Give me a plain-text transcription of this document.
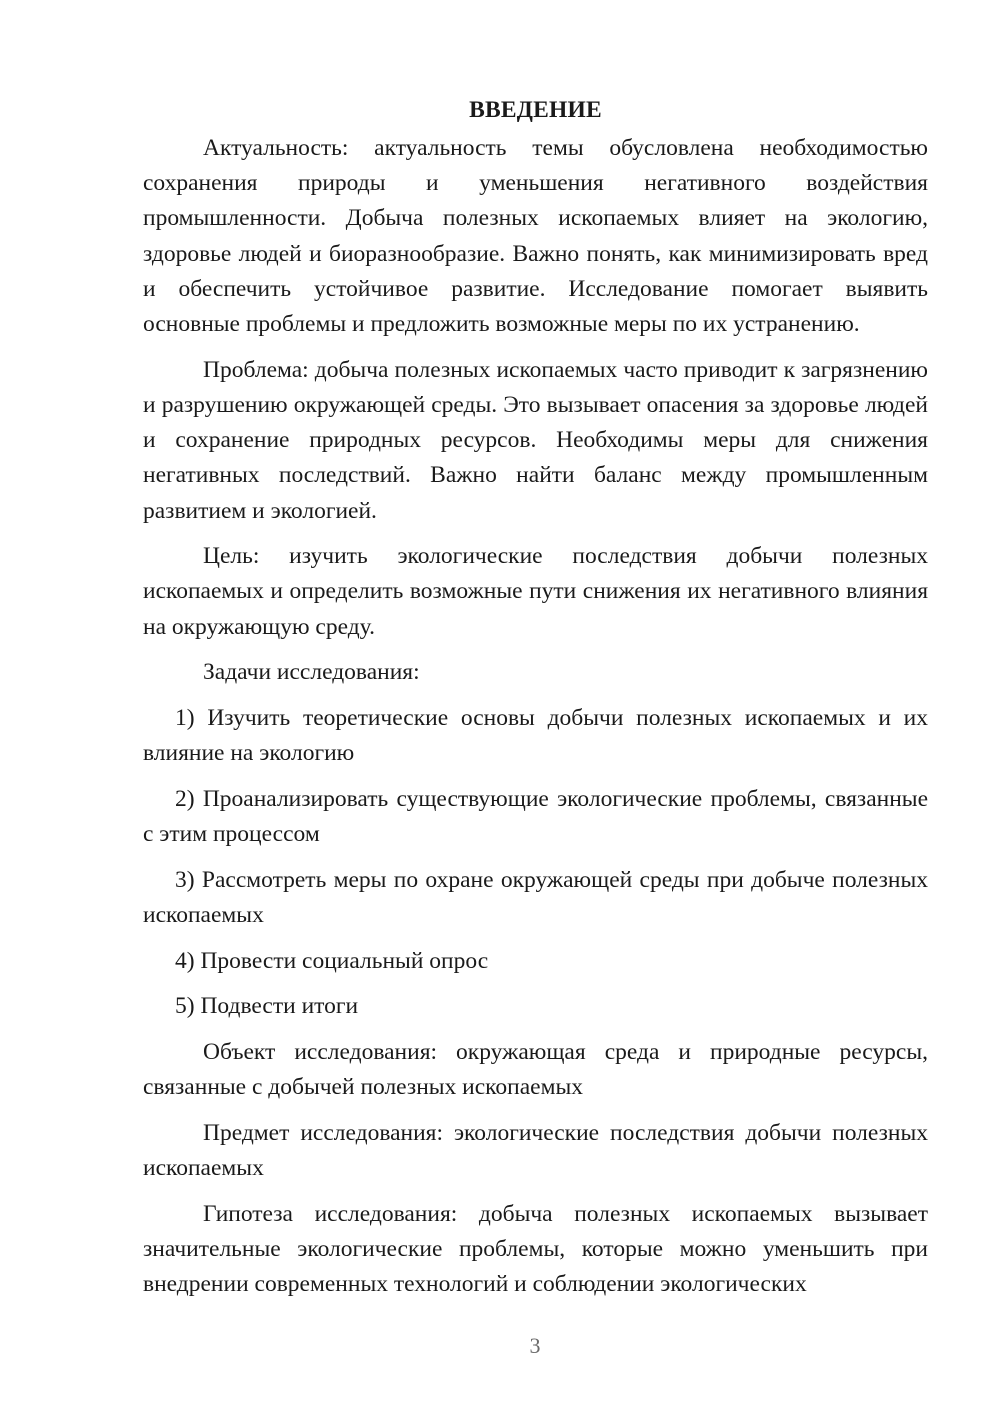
ВВЕДЕНИЕ

Актуальность: актуальность темы обусловлена необходимостью сохранения природы и уменьшения негативного воздействия промышленности. Добыча полезных ископаемых влияет на экологию, здоровье людей и биоразнообразие. Важно понять, как минимизировать вред и обеспечить устойчивое развитие. Исследование помогает выявить основные проблемы и предложить возможные меры по их устранению.

Проблема: добыча полезных ископаемых часто приводит к загрязнению и разрушению окружающей среды. Это вызывает опасения за здоровье людей и сохранение природных ресурсов. Необходимы меры для снижения негативных последствий. Важно найти баланс между промышленным развитием и экологией.

Цель: изучить экологические последствия добычи полезных ископаемых и определить возможные пути снижения их негативного влияния на окружающую среду.

Задачи исследования:

1) Изучить теоретические основы добычи полезных ископаемых и их влияние на экологию

2) Проанализировать существующие экологические проблемы, связанные с этим процессом

3) Рассмотреть меры по охране окружающей среды при добыче полезных ископаемых

4) Провести социальный опрос

5) Подвести итоги

Объект исследования: окружающая среда и природные ресурсы, связанные с добычей полезных ископаемых

Предмет исследования: экологические последствия добычи полезных ископаемых

Гипотеза исследования: добыча полезных ископаемых вызывает значительные экологические проблемы, которые можно уменьшить при внедрении современных технологий и соблюдении экологических

3
